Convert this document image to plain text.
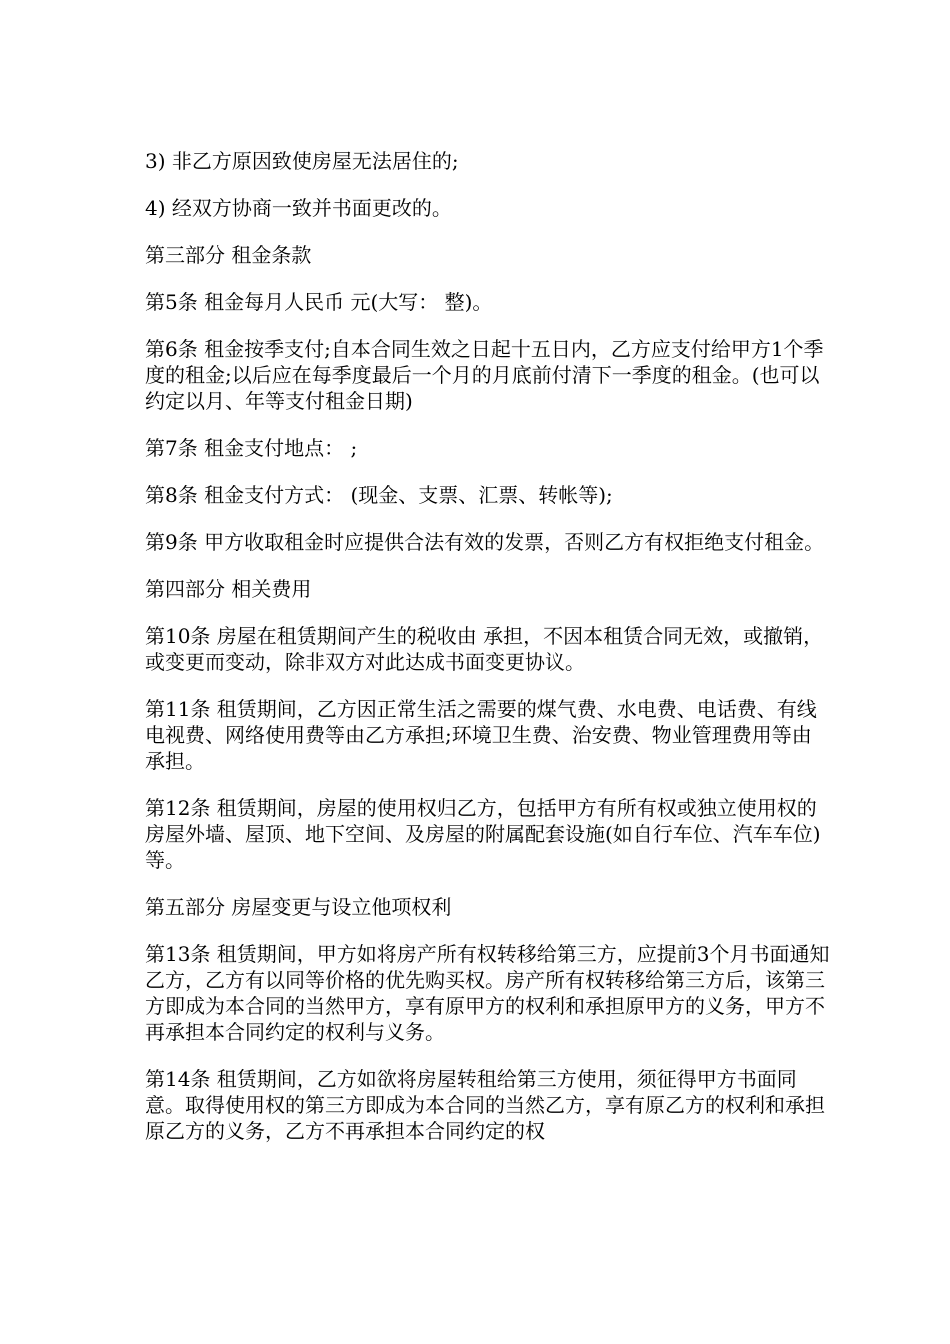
3) 非乙方原因致使房屋无法居住的;

4) 经双方协商一致并书面更改的。

第三部分 租金条款

第5条 租金每月人民币 元(大写： 整)。

第6条 租金按季支付;自本合同生效之日起十五日内，乙方应支付给甲方1个季度的租金;以后应在每季度最后一个月的月底前付清下一季度的租金。(也可以约定以月、年等支付租金日期)

第7条 租金支付地点： ;

第8条 租金支付方式： (现金、支票、汇票、转帐等);

第9条 甲方收取租金时应提供合法有效的发票，否则乙方有权拒绝支付租金。

第四部分 相关费用

第10条 房屋在租赁期间产生的税收由 承担，不因本租赁合同无效，或撤销，或变更而变动，除非双方对此达成书面变更协议。

第11条 租赁期间，乙方因正常生活之需要的煤气费、水电费、电话费、有线电视费、网络使用费等由乙方承担;环境卫生费、治安费、物业管理费用等由 承担。

第12条 租赁期间，房屋的使用权归乙方，包括甲方有所有权或独立使用权的房屋外墙、屋顶、地下空间、及房屋的附属配套设施(如自行车位、汽车车位)等。

第五部分 房屋变更与设立他项权利

第13条 租赁期间，甲方如将房产所有权转移给第三方，应提前3个月书面通知乙方，乙方有以同等价格的优先购买权。房产所有权转移给第三方后，该第三方即成为本合同的当然甲方，享有原甲方的权利和承担原甲方的义务，甲方不再承担本合同约定的权利与义务。

第14条 租赁期间，乙方如欲将房屋转租给第三方使用，须征得甲方书面同意。取得使用权的第三方即成为本合同的当然乙方，享有原乙方的权利和承担原乙方的义务，乙方不再承担本合同约定的权
